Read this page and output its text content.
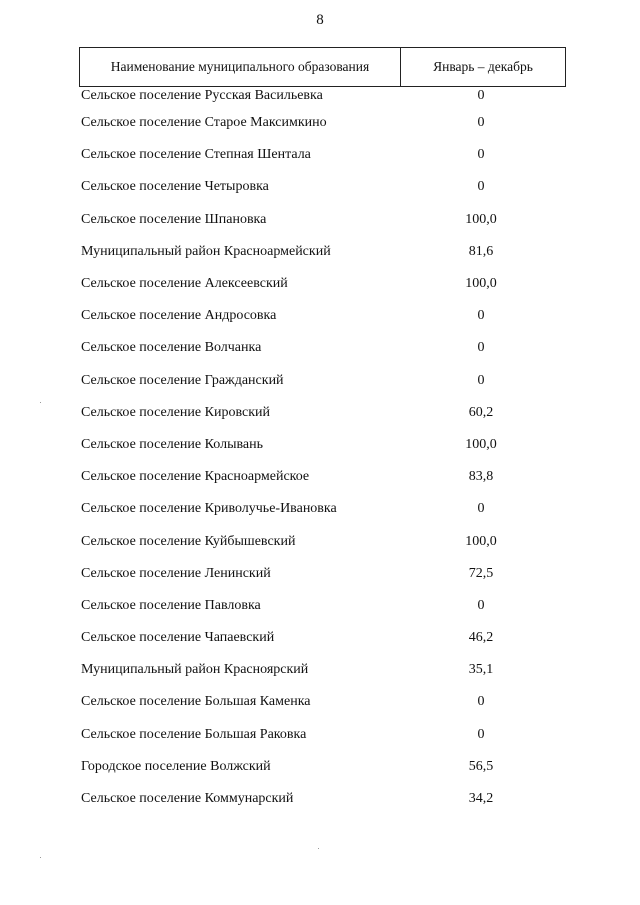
8
Наименование муниципального образования	Январь – декабрь
Сельское поселение Русская Васильевка	0
Сельское поселение Старое Максимкино	0
Сельское поселение Степная Шентала	0
Сельское поселение Четыровка	0
Сельское поселение Шпановка	100,0
Муниципальный район Красноармейский	81,6
Сельское поселение Алексеевский	100,0
Сельское поселение Андросовка	0
Сельское поселение Волчанка	0
Сельское поселение Гражданский	0
Сельское поселение Кировский	60,2
Сельское поселение Колывань	100,0
Сельское поселение Красноармейское	83,8
Сельское поселение Криволучье-Ивановка	0
Сельское поселение Куйбышевский	100,0
Сельское поселение Ленинский	72,5
Сельское поселение Павловка	0
Сельское поселение Чапаевский	46,2
Муниципальный район Красноярский	35,1
Сельское поселение Большая Каменка	0
Сельское поселение Большая Раковка	0
Городское поселение Волжский	56,5
Сельское поселение Коммунарский	34,2
